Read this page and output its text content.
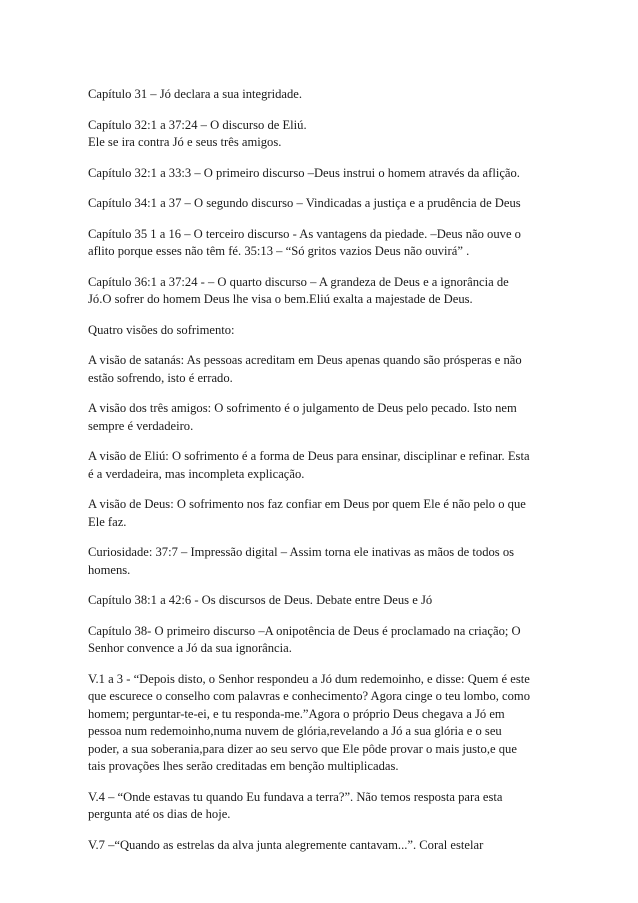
Capítulo 31 – Jó declara a sua integridade.

Capítulo 32:1 a 37:24 – O discurso de Eliú.
Ele se ira contra Jó e seus três amigos.

Capítulo 32:1 a 33:3 – O primeiro discurso –Deus instrui o homem através da aflição.

Capítulo 34:1 a 37 – O segundo discurso – Vindicadas a justiça e a prudência de Deus

Capítulo 35 1 a 16 – O terceiro discurso - As vantagens da piedade. –Deus não ouve o
aflito porque esses não têm fé. 35:13 – “Só gritos vazios Deus não ouvirá” .

Capítulo 36:1 a 37:24 - – O quarto discurso – A grandeza de Deus e a ignorância de
Jó.O sofrer do homem Deus lhe visa o bem.Eliú exalta a majestade de Deus.

Quatro visões do sofrimento:

A visão de satanás: As pessoas acreditam em Deus apenas quando são prósperas e não
estão sofrendo, isto é errado.

A visão dos três amigos: O sofrimento é o julgamento de Deus pelo pecado. Isto nem
sempre é verdadeiro.

A visão de Eliú: O sofrimento é a forma de Deus para ensinar, disciplinar e refinar. Esta
é a verdadeira, mas incompleta explicação.

A visão de Deus: O sofrimento nos faz confiar em Deus por quem Ele é não pelo o que
Ele faz.

Curiosidade: 37:7 – Impressão digital – Assim torna ele inativas as mãos de todos os
homens.

Capítulo 38:1 a 42:6 - Os discursos de Deus. Debate entre Deus e Jó

Capítulo 38- O primeiro discurso –A onipotência de Deus é proclamado na criação; O
Senhor convence a Jó da sua ignorância.

V.1 a 3 - “Depois disto, o Senhor respondeu a Jó dum redemoinho, e disse: Quem é este
que escurece o conselho com palavras e conhecimento? Agora cinge o teu lombo, como
homem; perguntar-te-ei, e tu responda-me.”Agora o próprio Deus chegava a Jó em
pessoa num redemoinho,numa nuvem de glória,revelando a Jó a sua glória e o seu
poder, a sua soberania,para dizer ao seu servo que Ele pôde provar o mais justo,e que
tais provações lhes serão creditadas em benção multiplicadas.

V.4 – “Onde estavas tu quando Eu fundava a terra?”. Não temos resposta para esta
pergunta até os dias de hoje.

V.7 –“Quando as estrelas da alva junta alegremente cantavam...”. Coral estelar
